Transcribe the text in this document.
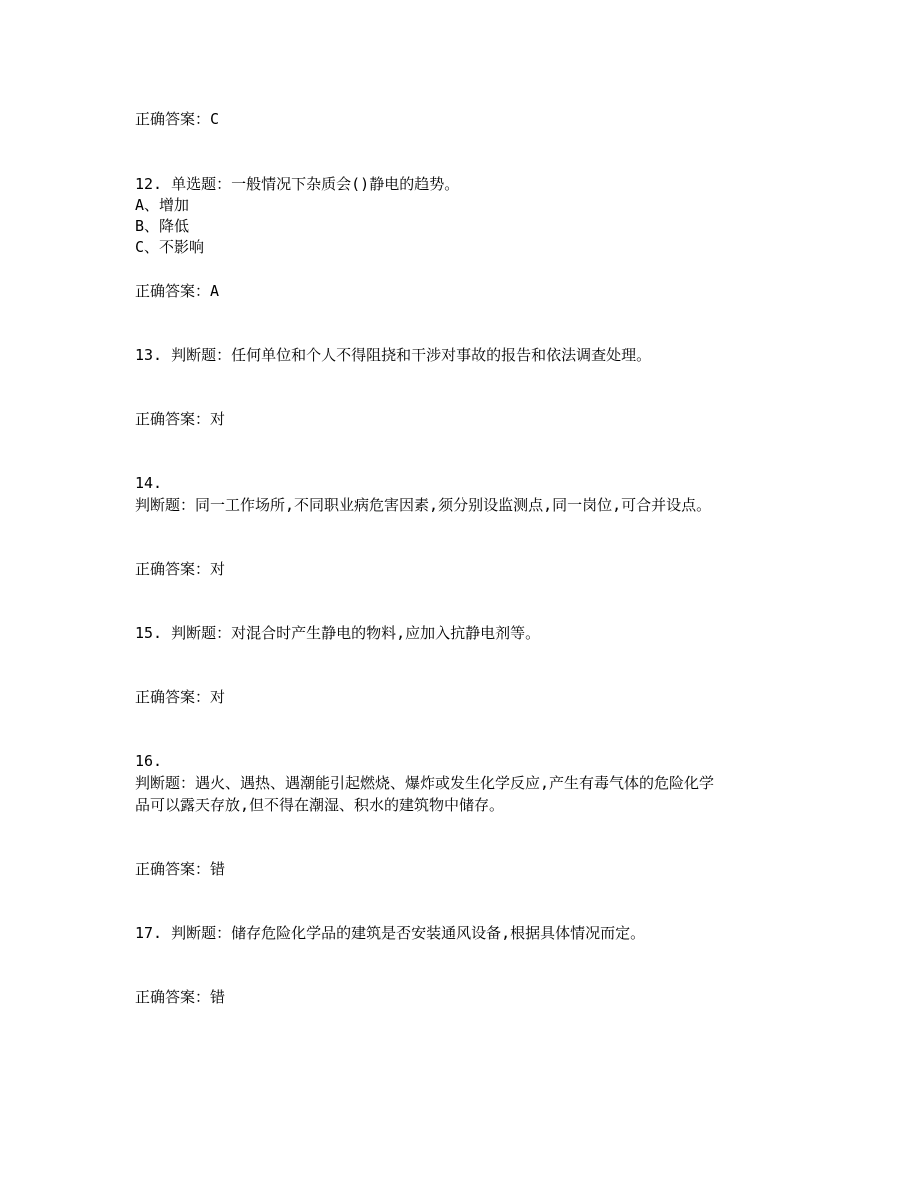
正确答案：C
12. 单选题：一般情况下杂质会()静电的趋势。
A、增加
B、降低
C、不影响
正确答案：A
13. 判断题：任何单位和个人不得阻挠和干涉对事故的报告和依法调查处理。
正确答案：对
14.
判断题：同一工作场所,不同职业病危害因素,须分别设监测点,同一岗位,可合并设点。
正确答案：对
15. 判断题：对混合时产生静电的物料,应加入抗静电剂等。
正确答案：对
16.
判断题：遇火、遇热、遇潮能引起燃烧、爆炸或发生化学反应,产生有毒气体的危险化学
品可以露天存放,但不得在潮湿、积水的建筑物中储存。
正确答案：错
17. 判断题：储存危险化学品的建筑是否安装通风设备,根据具体情况而定。
正确答案：错
